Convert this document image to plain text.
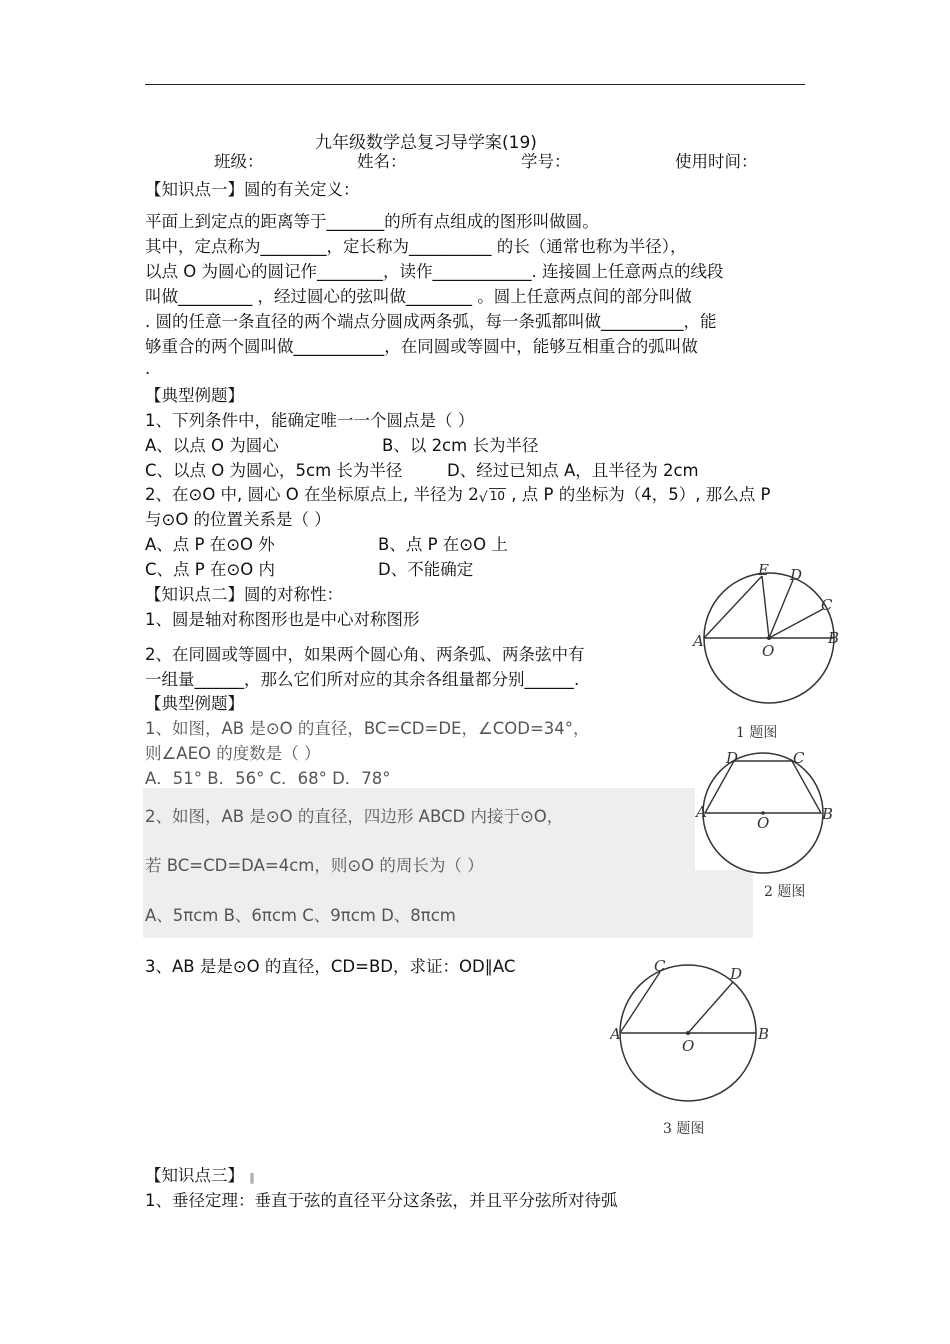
九年级数学总复习导学案(19)
班级：	姓名：	学号：	使用时间：
【知识点一】圆的有关定义：
平面上到定点的距离等于_______的所有点组成的图形叫做圆。
其中，定点称为________，定长称为__________ 的长（通常也称为半径），
以点 O 为圆心的圆记作________，读作____________. 连接圆上任意两点的线段
叫做_________ ，经过圆心的弦叫做________ 。圆上任意两点间的部分叫做
. 圆的任意一条直径的两个端点分圆成两条弧，每一条弧都叫做__________，能
够重合的两个圆叫做___________，在同圆或等圆中，能够互相重合的弧叫做
.
【典型例题】
1、下列条件中，能确定唯一一个圆点是（ ）
A、以点 O 为圆心	B、以 2cm 长为半径
C、以点 O 为圆心，5cm 长为半径	D、经过已知点 A，且半径为 2cm
2、在⊙O 中, 圆心 O 在坐标原点上, 半径为 2 √ 10 , 点 P 的坐标为（4，5）, 那么点 P
与⊙O 的位置关系是（ ）
A、点 P 在⊙O 外	B、点 P 在⊙O 上
C、点 P 在⊙O 内	D、不能确定
【知识点二】圆的对称性：
1、圆是轴对称图形也是中心对称图形
2、在同圆或等圆中，如果两个圆心角、两条弧、两条弦中有
一组量______，那么它们所对应的其余各组量都分别______.
【典型例题】
1、如图，AB 是⊙O 的直径，BC=CD=DE，∠COD=34°，
则∠AEO 的度数是（ ）
A．51° B．56° C．68° D．78°
2、如图，AB 是⊙O 的直径，四边形 ABCD 内接于⊙O，
若 BC=CD=DA=4cm，则⊙O 的周长为（ ）
A、5πcm B、6πcm C、9πcm D、8πcm
3、AB 是是⊙O 的直径，CD=BD，求证：OD∥AC
【知识点三】 ‖
1、垂径定理：垂直于弦的直径平分这条弦，并且平分弦所对待弧
E D
C
A
O
B
1 题图
D	C
A
O	B
2 题图
C	D
A
O
B
3 题图
